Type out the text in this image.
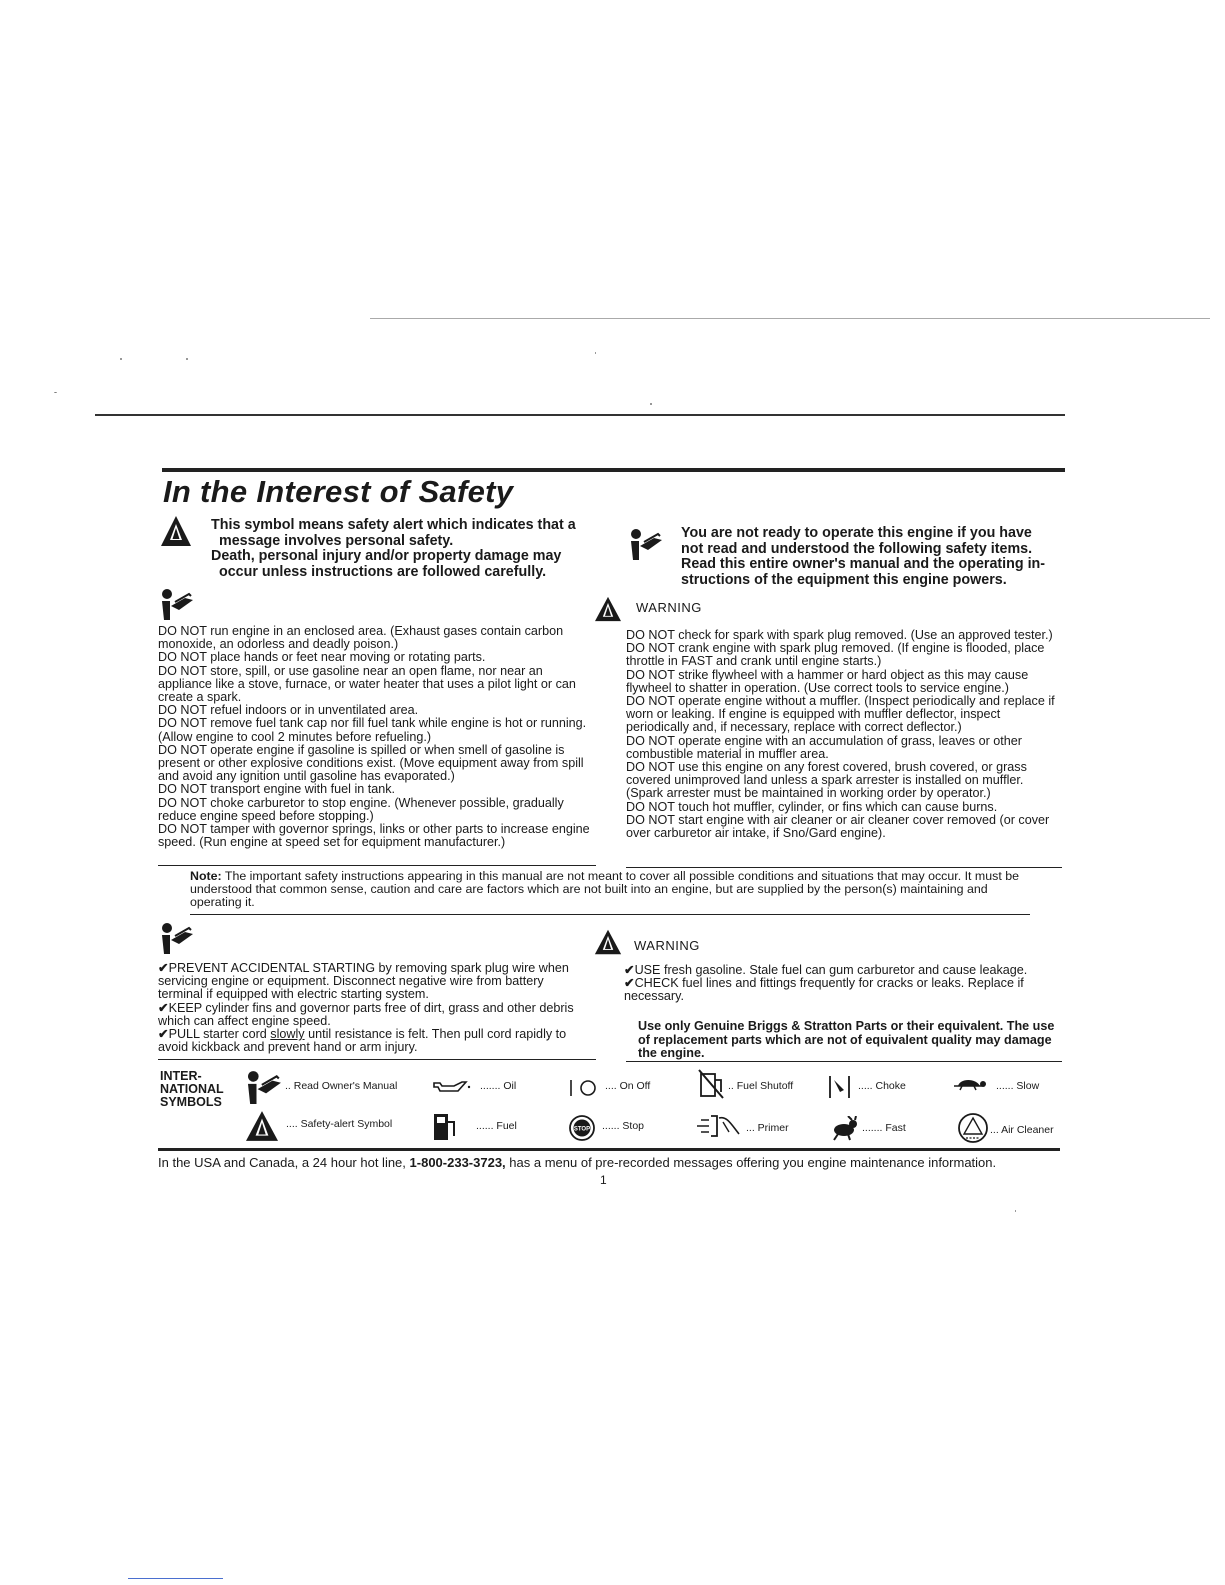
In the Interest of Safety
This symbol means safety alert which indicates that a
message involves personal safety.
Death, personal injury and/or property damage may
occur unless instructions are followed carefully.
You are not ready to operate this engine if you have
not read and understood the following safety items.
Read this entire owner's manual and the operating in-
structions of the equipment this engine powers.
WARNING

DO NOT run engine in an enclosed area. (Exhaust gases contain carbon monoxide, an odorless and deadly poison.)

DO NOT place hands or feet near moving or rotating parts.

DO NOT store, spill, or use gasoline near an open flame, nor near an appliance like a stove, furnace, or water heater that uses a pilot light or can create a spark.

DO NOT refuel indoors or in unventilated area.

DO NOT remove fuel tank cap nor fill fuel tank while engine is hot or running. (Allow engine to cool 2 minutes before refueling.)

DO NOT operate engine if gasoline is spilled or when smell of gasoline is present or other explosive conditions exist. (Move equipment away from spill and avoid any ignition until gasoline has evaporated.)

DO NOT transport engine with fuel in tank.

DO NOT choke carburetor to stop engine. (Whenever possible, gradually reduce engine speed before stopping.)

DO NOT tamper with governor springs, links or other parts to increase engine speed. (Run engine at speed set for equipment manufacturer.)

DO NOT check for spark with spark plug removed. (Use an approved tester.)

DO NOT crank engine with spark plug removed. (If engine is flooded, place throttle in FAST and crank until engine starts.)

DO NOT strike flywheel with a hammer or hard object as this may cause flywheel to shatter in operation. (Use correct tools to service engine.)

DO NOT operate engine without a muffler. (Inspect periodically and replace if worn or leaking. If engine is equipped with muffler deflector, inspect periodically and, if necessary, replace with correct deflector.)

DO NOT operate engine with an accumulation of grass, leaves or other combustible material in muffler area.

DO NOT use this engine on any forest covered, brush covered, or grass covered unimproved land unless a spark arrester is installed on muffler. (Spark arrester must be maintained in working order by operator.)

DO NOT touch hot muffler, cylinder, or fins which can cause burns.

DO NOT start engine with air cleaner or air cleaner cover removed (or cover over carburetor air intake, if Sno/Gard engine).

Note: The important safety instructions appearing in this manual are not meant to cover all possible conditions and situations that may occur. It must be understood that common sense, caution and care are factors which are not built into an engine, but are supplied by the person(s) maintaining and operating it.
WARNING

✔PREVENT ACCIDENTAL STARTING by removing spark plug wire when servicing engine or equipment. Disconnect negative wire from battery terminal if equipped with electric starting system.

✔KEEP cylinder fins and governor parts free of dirt, grass and other debris which can affect engine speed.

✔PULL starter cord slowly until resistance is felt. Then pull cord rapidly to avoid kickback and prevent hand or arm injury.

✔USE fresh gasoline. Stale fuel can gum carburetor and cause leakage.

✔CHECK fuel lines and fittings frequently for cracks or leaks. Replace if necessary.

Use only Genuine Briggs & Stratton Parts or their equivalent. The use of replacement parts which are not of equivalent quality may damage the engine.
INTER-
NATIONAL
SYMBOLS
.. Read Owner's Manual	....... Oil	.... On Off	.. Fuel Shutoff	..... Choke	...... Slow
.... Safety-alert Symbol	...... Fuel	STOP ...... Stop	... Primer	....... Fast	... Air Cleaner
In the USA and Canada, a 24 hour hot line, 1-800-233-3723, has a menu of pre-recorded messages offering you engine maintenance information.
1
